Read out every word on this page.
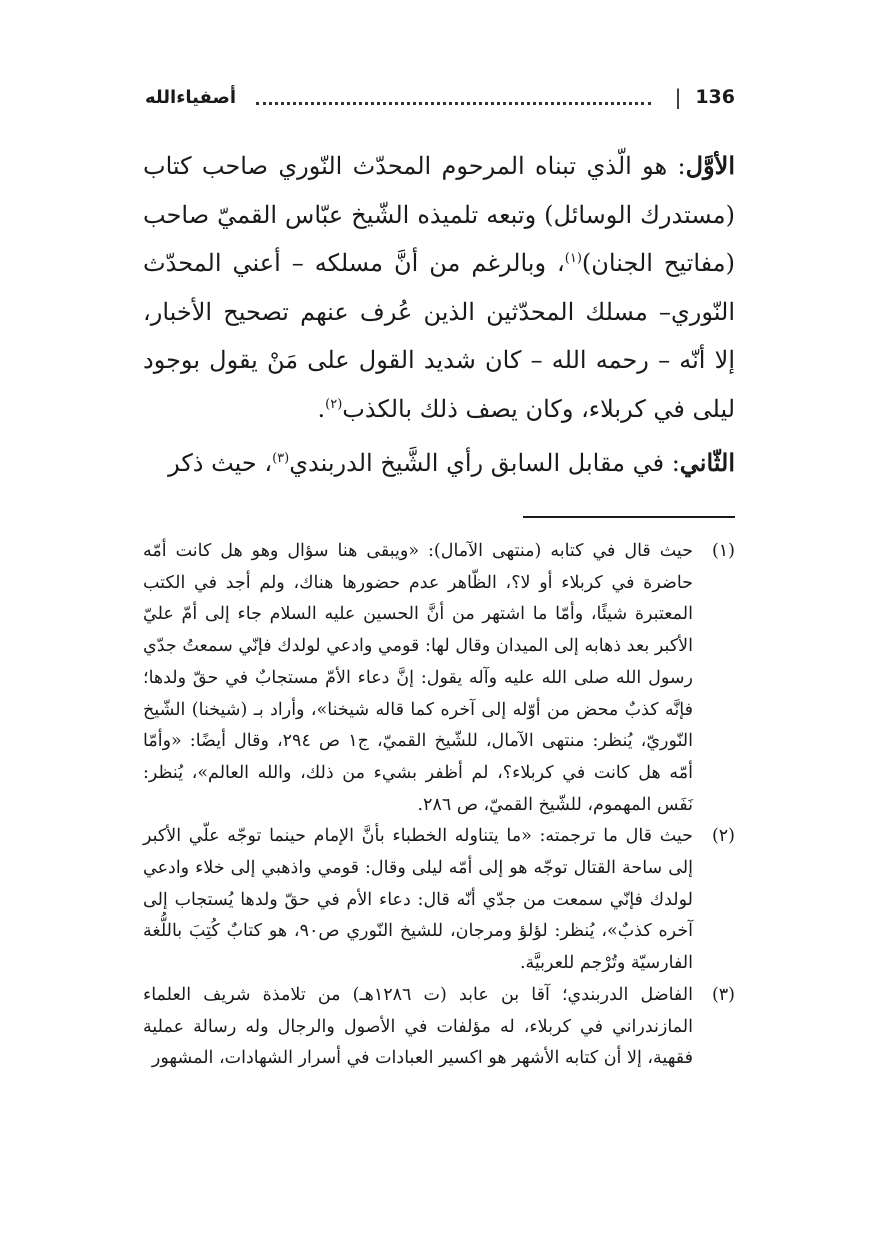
136
|
أصفياءالله

الأوَّل: هو الّذي تبناه المرحوم المحدّث النّوري صاحب كتاب (مستدرك الوسائل) وتبعه تلميذه الشّيخ عبّاس القميّ صاحب (مفاتيح الجنان)$^{(١)}$، وبالرغم من أنَّ مسلكه – أعني المحدّث النّوري– مسلك المحدّثين الذين عُرف عنهم تصحيح الأخبار، إلا أنّه – رحمه الله – كان شديد القول على مَنْ يقول بوجود ليلى في كربلاء، وكان يصف ذلك بالكذب$^{(٢)}$.

الثّاني: في مقابل السابق رأي الشَّيخ الدربندي$^{(٣)}$، حيث ذكر

(١)
حيث قال في كتابه (منتهى الآمال): «ويبقى هنا سؤال وهو هل كانت أمّه حاضرة في كربلاء أو لا؟، الظّاهر عدم حضورها هناك، ولم أجد في الكتب المعتبرة شيئًا، وأمّا ما اشتهر من أنَّ الحسين عليه السلام جاء إلى أمّ عليّ الأكبر بعد ذهابه إلى الميدان وقال لها: قومي وادعي لولدك فإنّي سمعتُ جدّي رسول الله صلى الله عليه وآله يقول: إنَّ دعاء الأمّ مستجابٌ في حقّ ولدها؛ فإنَّه كذبٌ محض من أوّله إلى آخره كما قاله شيخنا»، وأراد بـ (شيخنا) الشّيخ النّوريّ، يُنظر: منتهى الآمال، للشّيخ القميّ، ج١ ص ٢٩٤، وقال أيضًا: «وأمّا أمّه هل كانت في كربلاء؟، لم أظفر بشيء من ذلك، والله العالم»، يُنظر: نَفَس المهموم، للشّيخ القميّ، ص ٢٨٦.
(٢)
حيث قال ما ترجمته: «ما يتناوله الخطباء بأنَّ الإمام حينما توجّه علّي الأكبر إلى ساحة القتال توجّه هو إلى أمّه ليلى وقال: قومي واذهبي إلى خلاء وادعي لولدك فإنّي سمعت من جدّي أنّه قال: دعاء الأم في حقّ ولدها يُستجاب إلى آخره كذبٌ»، يُنظر: لؤلؤ ومرجان، للشيخ النّوري ص٩٠، هو كتابٌ كُتِبَ باللُّغة الفارسيّة وتُرْجم للعربيَّة.
(٣)
الفاضل الدربندي؛ آقا بن عابد (ت ١٢٨٦هـ) من تلامذة شريف العلماء المازندراني في كربلاء، له مؤلفات في الأصول والرجال وله رسالة عملية فقهية، إلا أن كتابه الأشهر هو اكسير العبادات في أسرار الشهادات، المشهور
